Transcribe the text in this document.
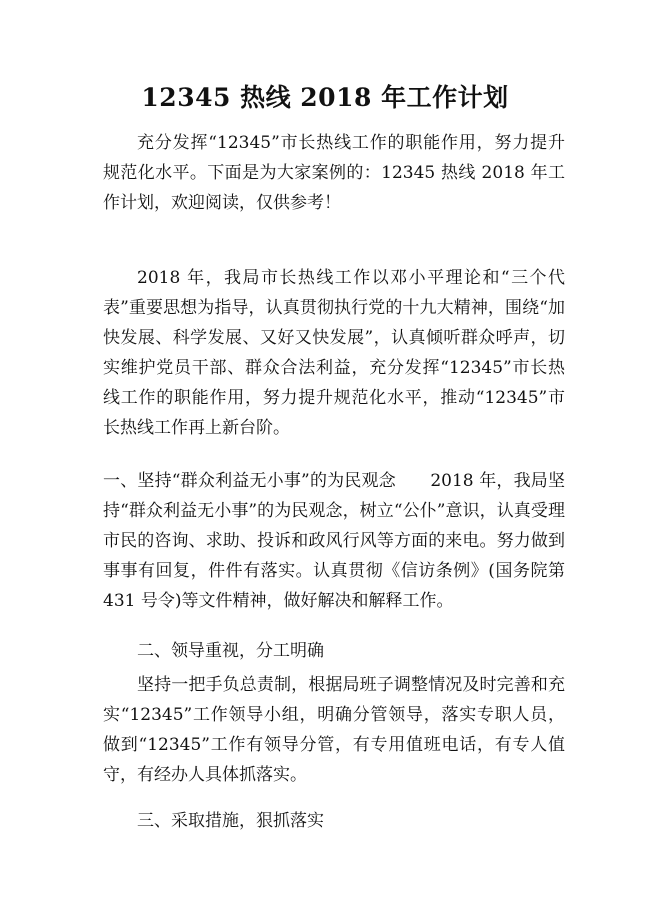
12345 热线 2018 年工作计划
充分发挥“12345”市长热线工作的职能作用，努力提升规范化水平。下面是为大家案例的：12345 热线 2018 年工作计划，欢迎阅读，仅供参考！
2018 年，我局市长热线工作以邓小平理论和“三个代表”重要思想为指导，认真贯彻执行党的十九大精神，围绕“加快发展、科学发展、又好又快发展”，认真倾听群众呼声，切实维护党员干部、群众合法利益，充分发挥“12345”市长热线工作的职能作用，努力提升规范化水平，推动“12345”市长热线工作再上新台阶。
一、坚持“群众利益无小事”的为民观念　　2018 年，我局坚持“群众利益无小事”的为民观念，树立“公仆”意识，认真受理市民的咨询、求助、投诉和政风行风等方面的来电。努力做到事事有回复，件件有落实。认真贯彻《信访条例》(国务院第 431 号令)等文件精神，做好解决和解释工作。
二、领导重视，分工明确
坚持一把手负总责制，根据局班子调整情况及时完善和充实“12345”工作领导小组，明确分管领导，落实专职人员，做到“12345”工作有领导分管，有专用值班电话，有专人值守，有经办人具体抓落实。
三、采取措施，狠抓落实
